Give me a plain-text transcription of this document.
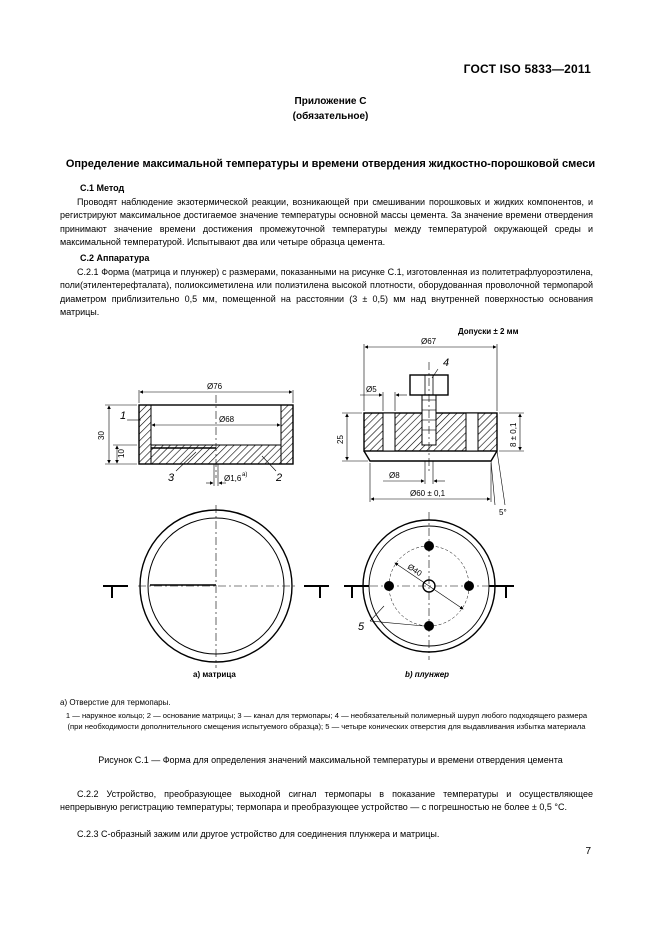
ГОСТ ISO 5833—2011
Приложение С
(обязательное)
Определение максимальной температуры и времени отвердения жидкостно-порошковой смеси
С.1 Метод
Проводят наблюдение экзотермической реакции, возникающей при смешивании порошковых и жидких компонентов, и регистрируют максимальное достигаемое значение температуры основной массы цемента. За значение времени отвердения принимают значение времени достижения промежуточной температуры между температурой окружающей среды и максимальной температурой. Испытывают два или четыре образца цемента.
С.2 Аппаратура
С.2.1 Форма (матрица и плунжер) с размерами, показанными на рисунке С.1, изготовленная из политетрафлуороэтилена, поли(этилентерефталата), полиоксиметилена или полиэтилена высокой плотности, оборудованная проволочной термопарой диаметром приблизительно 0,5 мм, помещенной на расстоянии (3 ± 0,5) мм над внутренней поверхностью основания матрицы.
Допуски ± 2 мм
Ø76
Ø68
30
10
1
3	2
Ø1,6 a)
Ø67
4
Ø5
25	8 ± 0,1
Ø8
Ø60 ± 0,1
5°
a) матрица
Ø40
5
b) плунжер
a) Отверстие для термопары.
1 — наружное кольцо; 2 — основание матрицы; 3 — канал для термопары; 4 — необязательный полимерный шуруп любого подходящего размера (при необходимости дополнительного смещения испытуемого образца); 5 — четыре конических отверстия для выдавливания избытка материала
Рисунок С.1 — Форма для определения значений максимальной температуры и времени отвердения цемента
С.2.2 Устройство, преобразующее выходной сигнал термопары в показание температуры и осуществляющее непрерывную регистрацию температуры; термопара и преобразующее устройство — с погрешностью не более ± 0,5 °С.
С.2.3 С-образный зажим или другое устройство для соединения плунжера и матрицы.
7
